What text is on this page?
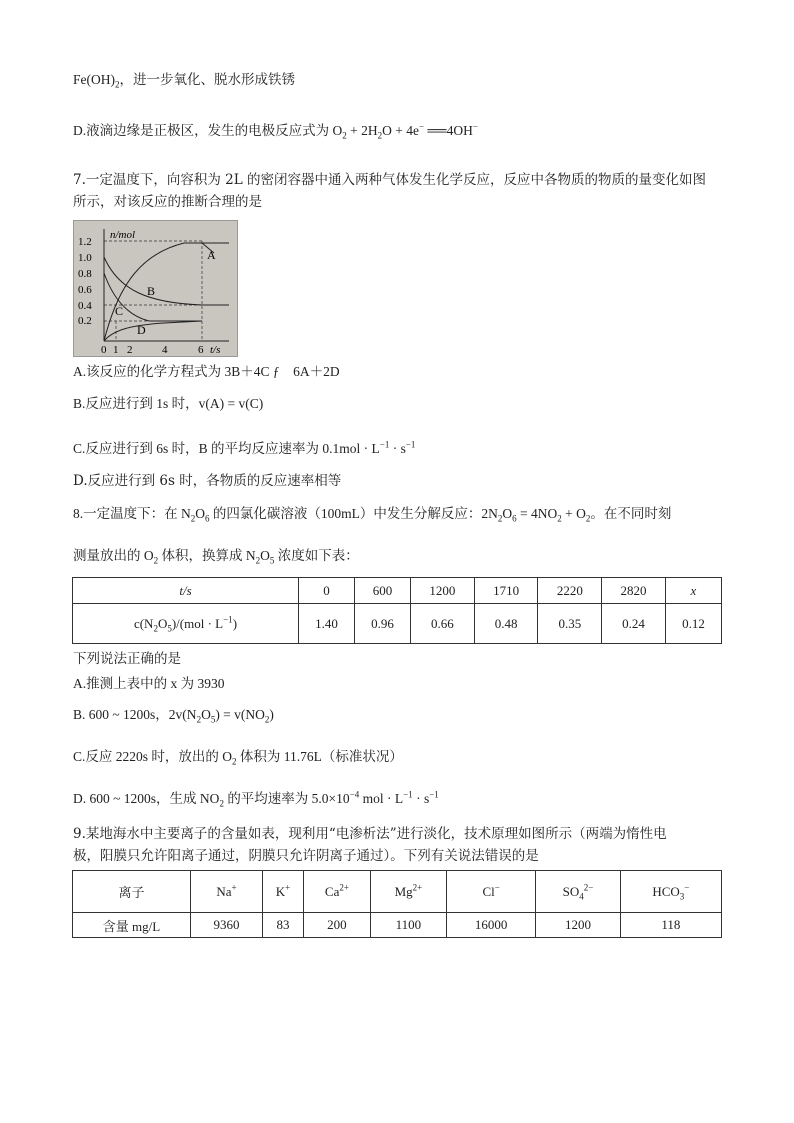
$Fe(OH)_2$，进一步氧化、脱水形成铁锈
D.液滴边缘是正极区，发生的电极反应式为 $O_2 + 2H_2O + 4e^-$ ══4OH−
7.一定温度下，向容积为 2L 的密闭容器中通入两种气体发生化学反应，反应中各物质的物质的量变化如图
所示，对该反应的推断合理的是
1.2
1.0
0.8
0.6
0.4
0.2
A
B
C
D
n/mol
t/s
0 1 2	4	6
A.该反应的化学方程式为 3B＋4C ƒ　6A＋2D
B.反应进行到 1s 时，v(A) = v(C)
C.反应进行到 6s 时，B 的平均反应速率为 $0.1mol \cdot L^{-1} \cdot s^{-1}$
D.反应进行到 6s 时，各物质的反应速率相等
8.一定温度下：在 $N_2O_6$ 的四氯化碳溶液（100mL）中发生分解反应：$2N_2O_6 = 4NO_2 + O_2$。在不同时刻
测量放出的 $O_2$ 体积，换算成 $N_2O_5$ 浓度如下表：
t/s	0	600	1200	1710	2220	2820	x
$c(N_2O_5)/(mol \cdot L^{-1})$	1.40	0.96	0.66	0.48	0.35	0.24	0.12
下列说法正确的是
A.推测上表中的 x 为 3930
B. 600 ~ 1200s，$2v(N_2O_5) = v(NO_2)$
C.反应 2220s 时，放出的 $O_2$ 体积为 11.76L（标准状况）
D. 600 ~ 1200s，生成 $NO_2$ 的平均速率为 $5.0\times 10^{-4}$ mol · $L^{-1} \cdot s^{-1}$
9.某地海水中主要离子的含量如表，现利用“电渗析法”进行淡化，技术原理如图所示（两端为惰性电
极，阳膜只允许阳离子通过，阴膜只允许阴离子通过）。下列有关说法错误的是
离子	Na+	K+	$Ca^{2+}$	$Mg^{2+}$	Cl−	$SO_4^{2-}$	$HCO_3^-$
含量 mg/L	9360	83	200	1100	16000	1200	118
